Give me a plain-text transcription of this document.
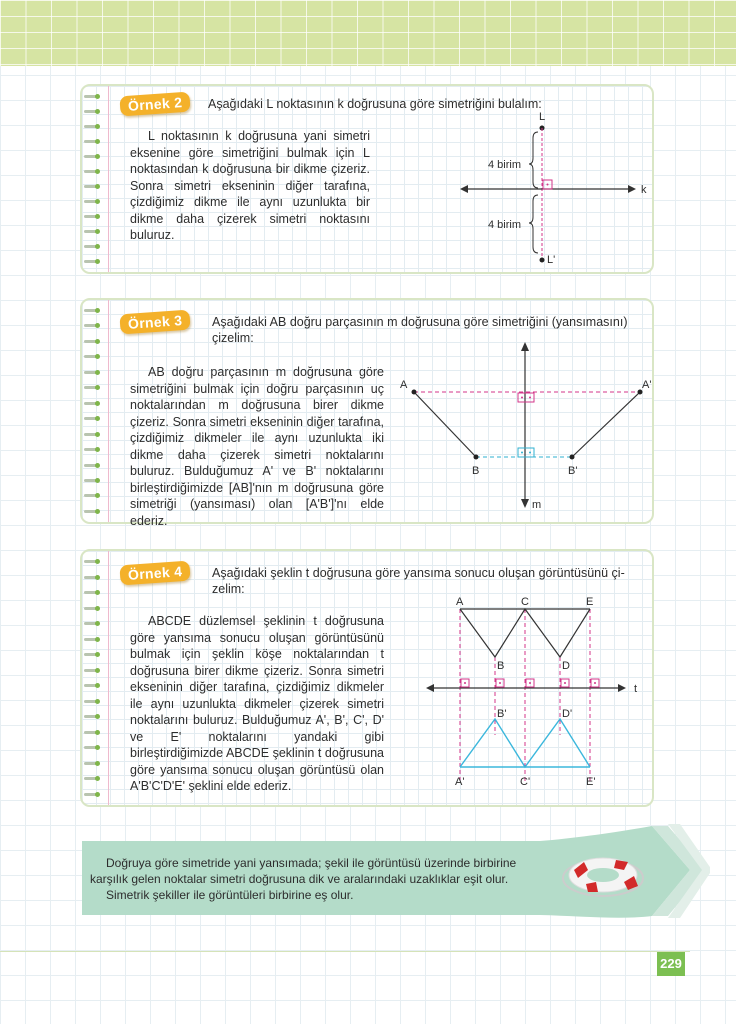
Örnek 2	Aşağıdaki L noktasının k doğrusuna göre simetriğini bulalım:

L noktasının k doğrusuna yani simetri eksenine göre simetriğini bulmak için L noktasından k doğrusuna bir dikme çizeriz. Sonra simetri ekseninin diğer tarafına, çizdiğimiz dikme ile aynı uzunlukta bir dikme daha çizerek simetri noktasını buluruz.

L
k
4 birim
4 birim
L'
Örnek 3	Aşağıdaki AB doğru parçasının m doğrusuna göre simetriğini (yansımasını)
çizelim:

AB doğru parçasının m doğrusuna göre simetriğini bulmak için doğru parçasının uç noktalarından m doğrusuna birer dikme çizeriz. Sonra simetri ekseninin diğer tarafına, çizdiğimiz dikmeler ile aynı uzunlukta iki dikme daha çizerek simetri noktalarını buluruz. Bulduğumuz A' ve B' noktalarını birleştirdiğimizde [AB]'nın m doğrusuna göre simetriği (yansıması) olan [A'B']'nı elde ederiz.

m
A
B	B'
A'
Örnek 4	Aşağıdaki şeklin t doğrusuna göre yansıma sonucu oluşan görüntüsünü çi-
zelim:

ABCDE düzlemsel şeklinin t doğrusuna göre yansıma sonucu oluşan görüntüsünü bulmak için şeklin köşe noktalarından t doğrusuna birer dikme çizeriz. Sonra simetri ekseninin diğer tarafına, çizdiğimiz dikmeler ile aynı uzunlukta dikmeler çizerek simetri noktalarını buluruz. Bulduğumuz A', B', C', D' ve E' noktalarını yandaki gibi birleştirdiğimizde ABCDE şeklinin t doğrusuna göre yansıma sonucu oluşan görüntüsü olan A'B'C'D'E' şeklini elde ederiz.

t
A	C	E
B	D
B'	D'
A'	C'	E'
Doğruya göre simetride yani yansımada; şekil ile görüntüsü üzerinde birbirine
karşılık gelen noktalar simetri doğrusuna dik ve aralarındaki uzaklıklar eşit olur.
Simetrik şekiller ile görüntüleri birbirine eş olur.
229
